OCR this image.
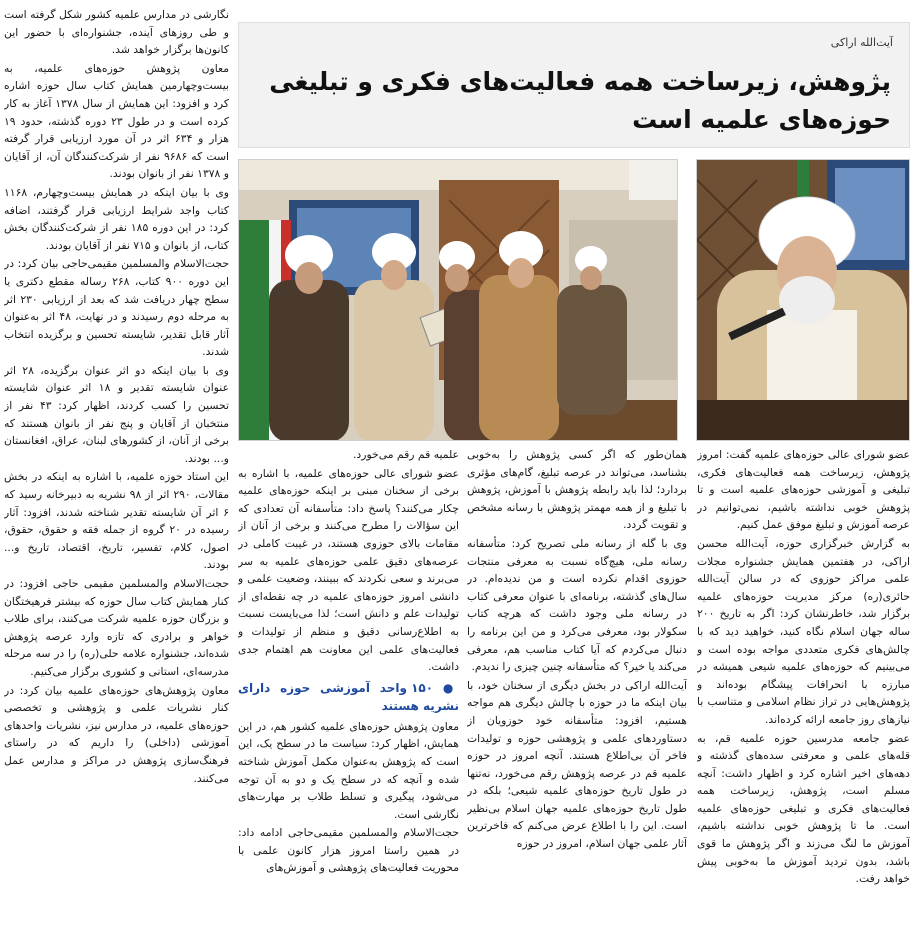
نگارشی در مدارس علمیه کشور شکل گرفته است و طی روزهای آینده، جشنواره‌ای با حضور این کانون‌ها برگزار خواهد شد.

معاون پژوهش حوزه‌های علمیه، به بیست‌وچهارمین همایش کتاب سال حوزه اشاره کرد و افزود: این همایش از سال ۱۳۷۸ آغاز به کار کرده است و در طول ۲۳ دوره گذشته، حدود ۱۹ هزار و ۶۳۴ اثر در آن مورد ارزیابی قرار گرفته است که ۹۶۸۶ نفر از شرکت‌کنندگان آن، از آقایان و ۱۳۷۸ نفر از بانوان بودند.

وی با بیان اینکه در همایش بیست‌وچهارم، ۱۱۶۸ کتاب واجد شرایط ارزیابی قرار گرفتند، اضافه کرد: در این دوره ۱۸۵ نفر از شرکت‌کنندگان بخش کتاب، از بانوان و ۷۱۵ نفر از آقایان بودند.

حجت‌الاسلام والمسلمین مقیمی‌حاجی بیان کرد: در این دوره ۹۰۰ کتاب، ۲۶۸ رساله مقطع دکتری یا سطح چهار دریافت شد که بعد از ارزیابی ۲۳۰ اثر به مرحله دوم رسیدند و در نهایت، ۴۸ اثر به‌عنوان آثار قابل تقدیر، شایسته تحسین و برگزیده انتخاب شدند.

وی با بیان اینکه دو اثر عنوان برگزیده، ۲۸ اثر عنوان شایسته تقدیر و ۱۸ اثر عنوان شایسته تحسین را کسب کردند، اظهار کرد: ۴۳ نفر از منتخبان از آقایان و پنج نفر از بانوان هستند که برخی از آنان، از کشورهای لبنان، عراق، افغانستان و... بودند.

این استاد حوزه علمیه، با اشاره به اینکه در بخش مقالات، ۲۹۰ اثر از ۹۸ نشریه به دبیرخانه رسید که ۶ اثر آن شایسته تقدیر شناخته شدند، افزود: آثار رسیده در ۲۰ گروه از جمله فقه و حقوق، حقوق، اصول، کلام، تفسیر، تاریخ، اقتصاد، تاریخ و... بودند.

حجت‌الاسلام والمسلمین مقیمی حاجی افزود: در کنار همایش کتاب سال حوزه که بیشتر فرهیختگان و بزرگان حوزه علمیه شرکت می‌کنند، برای طلاب خواهر و برادری که تازه وارد عرصه پژوهش شده‌اند، جشنواره علامه حلی(ره) را در سه مرحله مدرسه‌ای، استانی و کشوری برگزار می‌کنیم.

معاون پژوهش‌های حوزه‌های علمیه بیان کرد: در کنار نشریات علمی و پژوهشی و تخصصی حوزه‌های علمیه، در مدارس نیز، نشریات واحدهای آموزشی (داخلی) را داریم که در راستای فرهنگ‌سازی پژوهش در مراکز و مدارس عمل می‌کنند.

آیت‌الله اراکی
پژوهش، زیرساخت همه فعالیت‌های فکری و تبلیغی
حوزه‌های علمیه است

عضو شورای عالی حوزه‌های علمیه گفت: امروز پژوهش، زیرساخت همه فعالیت‌های فکری، تبلیغی و آموزشی حوزه‌های علمیه است و تا پژوهش خوبی نداشته باشیم، نمی‌توانیم در عرصه آموزش و تبلیغ موفق عمل کنیم.

به گزارش خبرگزاری حوزه، آیت‌الله محسن اراکی، در هفتمین همایش جشنواره مجلات علمی مراکز حوزوی که در سالن آیت‌الله حائری(ره) مرکز مدیریت حوزه‌های علمیه برگزار شد، خاطرنشان کرد: اگر به تاریخ ۲۰۰ ساله جهان اسلام نگاه کنید، خواهید دید که با چالش‌های فکری متعددی مواجه بوده است و می‌بینیم که حوزه‌های علمیه شیعی همیشه در مبارزه با انحرافات پیشگام بوده‌اند و پژوهش‌هایی در تراز نظام اسلامی و متناسب با نیازهای روز جامعه ارائه کرده‌اند.

عضو جامعه مدرسین حوزه علمیه قم، به قله‌های علمی و معرفتی سده‌های گذشته و دهه‌های اخیر اشاره کرد و اظهار داشت: آنچه مسلم است، پژوهش، زیرساخت همه فعالیت‌های فکری و تبلیغی حوزه‌های علمیه است. ما تا پژوهش خوبی نداشته باشیم، آموزش ما لنگ می‌زند و اگر پژوهش ما قوی باشد، بدون تردید آموزش ما به‌خوبی پیش خواهد رفت.

همان‌طور که اگر کسی پژوهش را به‌خوبی بشناسد، می‌تواند در عرصه تبلیغ، گام‌های مؤثری بردارد؛ لذا باید رابطه پژوهش با آموزش، پژوهش با تبلیغ و از همه مهمتر پژوهش با رسانه مشخص و تقویت گردد.

وی با گله از رسانه ملی تصریح کرد: متأسفانه رسانه ملی، هیچ‌گاه نسبت به معرفی منتجات حوزوی اقدام نکرده است و من ندیده‌ام. در سال‌های گذشته، برنامه‌ای با عنوان معرفی کتاب در رسانه ملی وجود داشت که هرچه کتاب سکولار بود، معرفی می‌کرد و من این برنامه را دنبال می‌کردم که آیا کتاب مناسب هم، معرفی می‌کند یا خیر؟ که متأسفانه چنین چیزی را ندیدم.

آیت‌الله اراکی در بخش دیگری از سخنان خود، با بیان اینکه ما در حوزه با چالش دیگری هم مواجه هستیم، افزود: متأسفانه خود حوزویان از دستاوردهای علمی و پژوهشی حوزه و تولیدات فاخر آن بی‌اطلاع هستند. آنچه امروز در حوزه علمیه قم در عرصه پژوهش رقم می‌خورد، نه‌تنها در طول تاریخ حوزه‌های علمیه شیعی؛ بلکه در طول تاریخ حوزه‌های علمیه جهان اسلام بی‌نظیر است. این را با اطلاع عرض می‌کنم که فاخرترین آثار علمی جهان اسلام، امروز در حوزه

علمیه قم رقم می‌خورد.

عضو شورای عالی حوزه‌های علمیه، با اشاره به برخی از سخنان مبنی بر اینکه حوزه‌های علمیه چکار می‌کنند؟ پاسخ داد: متأسفانه آن تعدادی که این سؤالات را مطرح می‌کنند و برخی از آنان از مقامات بالای حوزوی هستند، در غیبت کاملی در عرصه‌های دقیق علمی حوزه‌های علمیه به سر می‌برند و سعی نکردند که ببینند، وضعیت علمی و دانشی امروز حوزه‌های علمیه در چه نقطه‌ای از تولیدات علم و دانش است؛ لذا می‌بایست نسبت به اطلاع‌رسانی دقیق و منظم از تولیدات و فعالیت‌های علمی این معاونت هم اهتمام جدی داشت.

● ۱۵۰ واحد آموزشی حوزه دارای نشریه هستند

معاون پژوهش حوزه‌های علمیه کشور هم، در این همایش، اظهار کرد: سیاست ما در سطح یک، این است که پژوهش به‌عنوان مکمل آموزش شناخته شده و آنچه که در سطح یک و دو به آن توجه می‌شود، پیگیری و تسلط طلاب بر مهارت‌های نگارشی است.

حجت‌الاسلام والمسلمین مقیمی‌حاجی ادامه داد: در همین راستا امروز هزار کانون علمی با محوریت فعالیت‌های پژوهشی و آموزش‌های
